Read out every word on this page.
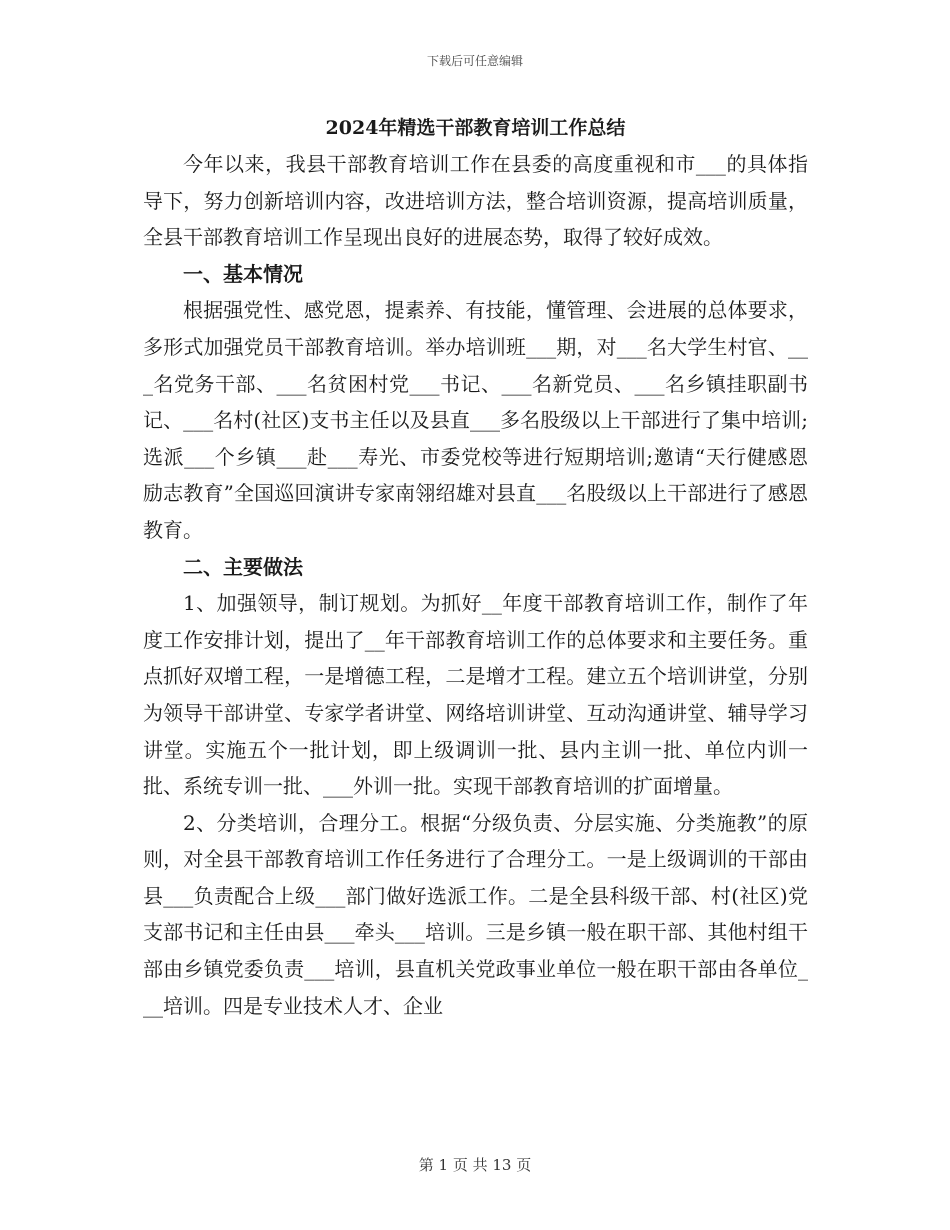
下载后可任意编辑
2024年精选干部教育培训工作总结

今年以来，我县干部教育培训工作在县委的高度重视和市___的具体指导下，努力创新培训内容，改进培训方法，整合培训资源，提高培训质量，全县干部教育培训工作呈现出良好的进展态势，取得了较好成效。

一、基本情况

根据强党性、感党恩，提素养、有技能，懂管理、会进展的总体要求，多形式加强党员干部教育培训。举办培训班___期，对___名大学生村官、___名党务干部、___名贫困村党___书记、___名新党员、___名乡镇挂职副书记、___名村(社区)支书主任以及县直___多名股级以上干部进行了集中培训;选派___个乡镇___赴___寿光、市委党校等进行短期培训;邀请“天行健感恩励志教育”全国巡回演讲专家南翎绍雄对县直___名股级以上干部进行了感恩教育。

二、主要做法

1、加强领导，制订规划。为抓好__年度干部教育培训工作，制作了年度工作安排计划，提出了__年干部教育培训工作的总体要求和主要任务。重点抓好双增工程，一是增德工程，二是增才工程。建立五个培训讲堂，分别为领导干部讲堂、专家学者讲堂、网络培训讲堂、互动沟通讲堂、辅导学习讲堂。实施五个一批计划，即上级调训一批、县内主训一批、单位内训一批、系统专训一批、___外训一批。实现干部教育培训的扩面增量。

2、分类培训，合理分工。根据“分级负责、分层实施、分类施教”的原则，对全县干部教育培训工作任务进行了合理分工。一是上级调训的干部由县___负责配合上级___部门做好选派工作。二是全县科级干部、村(社区)党支部书记和主任由县___牵头___培训。三是乡镇一般在职干部、其他村组干部由乡镇党委负责___培训，县直机关党政事业单位一般在职干部由各单位___培训。四是专业技术人才、企业

第 1 页 共 13 页
